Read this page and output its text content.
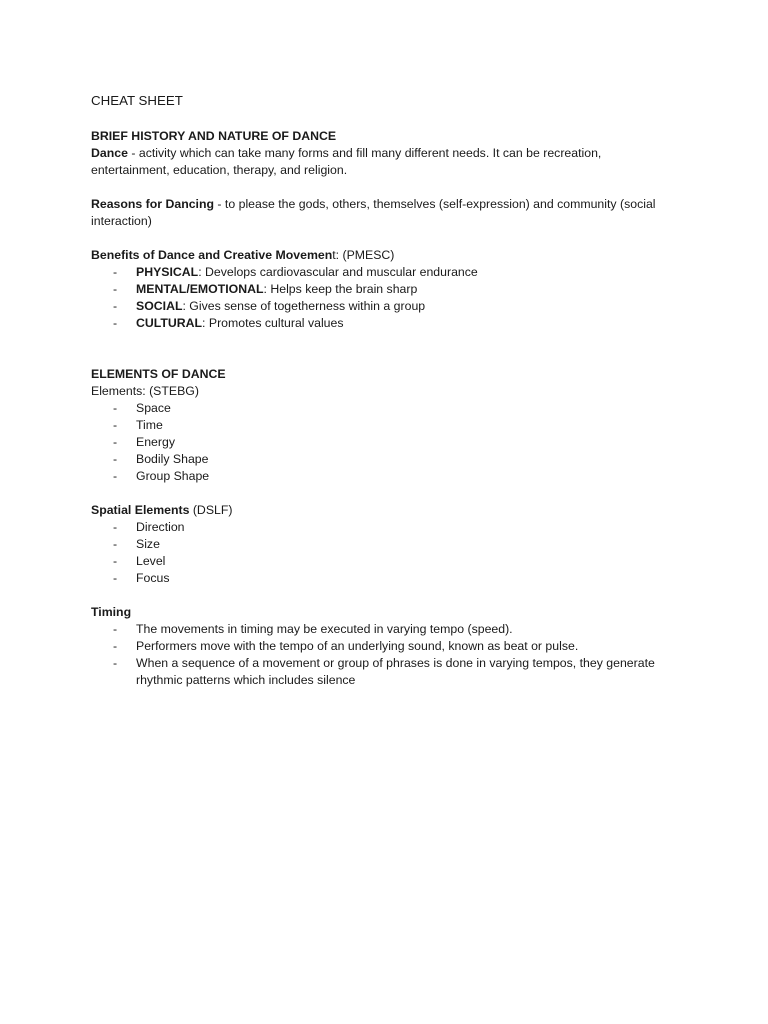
CHEAT SHEET

BRIEF HISTORY AND NATURE OF DANCE

Dance - activity which can take many forms and fill many different needs. It can be recreation, entertainment, education, therapy, and religion.

Reasons for Dancing - to please the gods, others, themselves (self-expression) and community (social interaction)

Benefits of Dance and Creative Movement: (PMESC)

- PHYSICAL: Develops cardiovascular and muscular endurance
- MENTAL/EMOTIONAL: Helps keep the brain sharp
- SOCIAL: Gives sense of togetherness within a group
- CULTURAL: Promotes cultural values

ELEMENTS OF DANCE

Elements: (STEBG)

- Space
- Time
- Energy
- Bodily Shape
- Group Shape

Spatial Elements (DSLF)

- Direction
- Size
- Level
- Focus

Timing

- The movements in timing may be executed in varying tempo (speed).
- Performers move with the tempo of an underlying sound, known as beat or pulse.
- When a sequence of a movement or group of phrases is done in varying tempos, they generate rhythmic patterns which includes silence
